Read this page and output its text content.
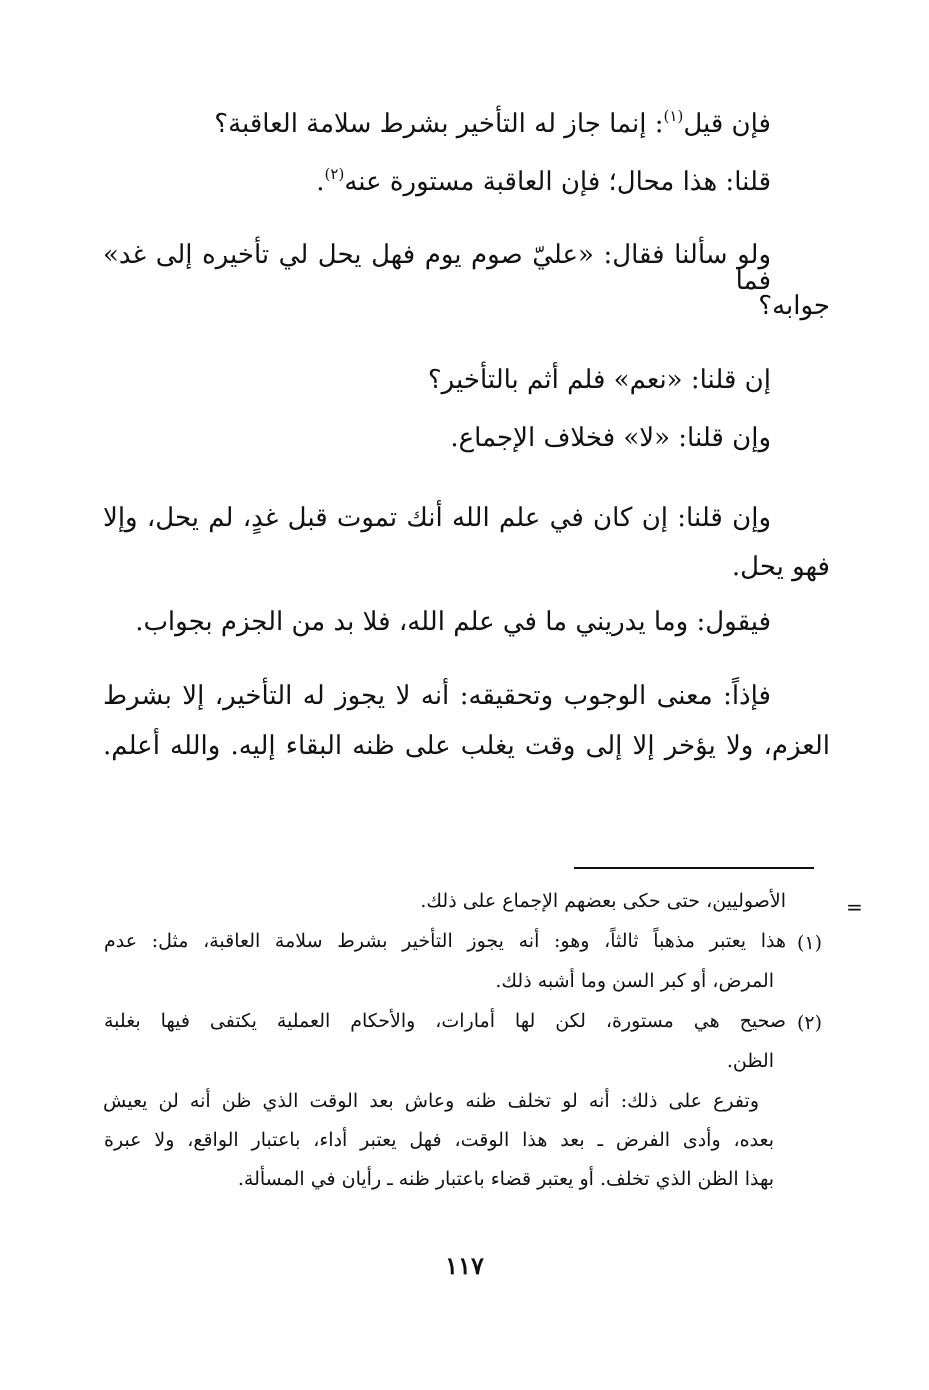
فإن قيل$^{(١)}$: إنما جاز له التأخير بشرط سلامة العاقبة؟
قلنا: هذا محال؛ فإن العاقبة مستورة عنه$^{(٢)}$.
ولو سألنا فقال: «عليّ صوم يوم فهل يحل لي تأخيره إلى غد» فما
جوابه؟
إن قلنا: «نعم» فلم أثم بالتأخير؟
وإن قلنا: «لا» فخلاف الإجماع.
وإن قلنا: إن كان في علم الله أنك تموت قبل غدٍ، لم يحل، وإلا
فهو يحل.
فيقول: وما يدريني ما في علم الله، فلا بد من الجزم بجواب.
فإذاً: معنى الوجوب وتحقيقه: أنه لا يجوز له التأخير، إلا بشرط
العزم، ولا يؤخر إلا إلى وقت يغلب على ظنه البقاء إليه. والله أعلم.
=
الأصوليين، حتى حكى بعضهم الإجماع على ذلك.
(١)
هذا يعتبر مذهباً ثالثاً، وهو: أنه يجوز التأخير بشرط سلامة العاقبة، مثل: عدم
المرض، أو كبر السن وما أشبه ذلك.
(٢)
صحيح هي مستورة، لكن لها أمارات، والأحكام العملية يكتفى فيها بغلبة
الظن.
وتفرع على ذلك: أنه لو تخلف ظنه وعاش بعد الوقت الذي ظن أنه لن يعيش
بعده، وأدى الفرض ـ بعد هذا الوقت، فهل يعتبر أداء، باعتبار الواقع، ولا عبرة
بهذا الظن الذي تخلف. أو يعتبر قضاء باعتبار ظنه ـ رأيان في المسألة.
١١٧
